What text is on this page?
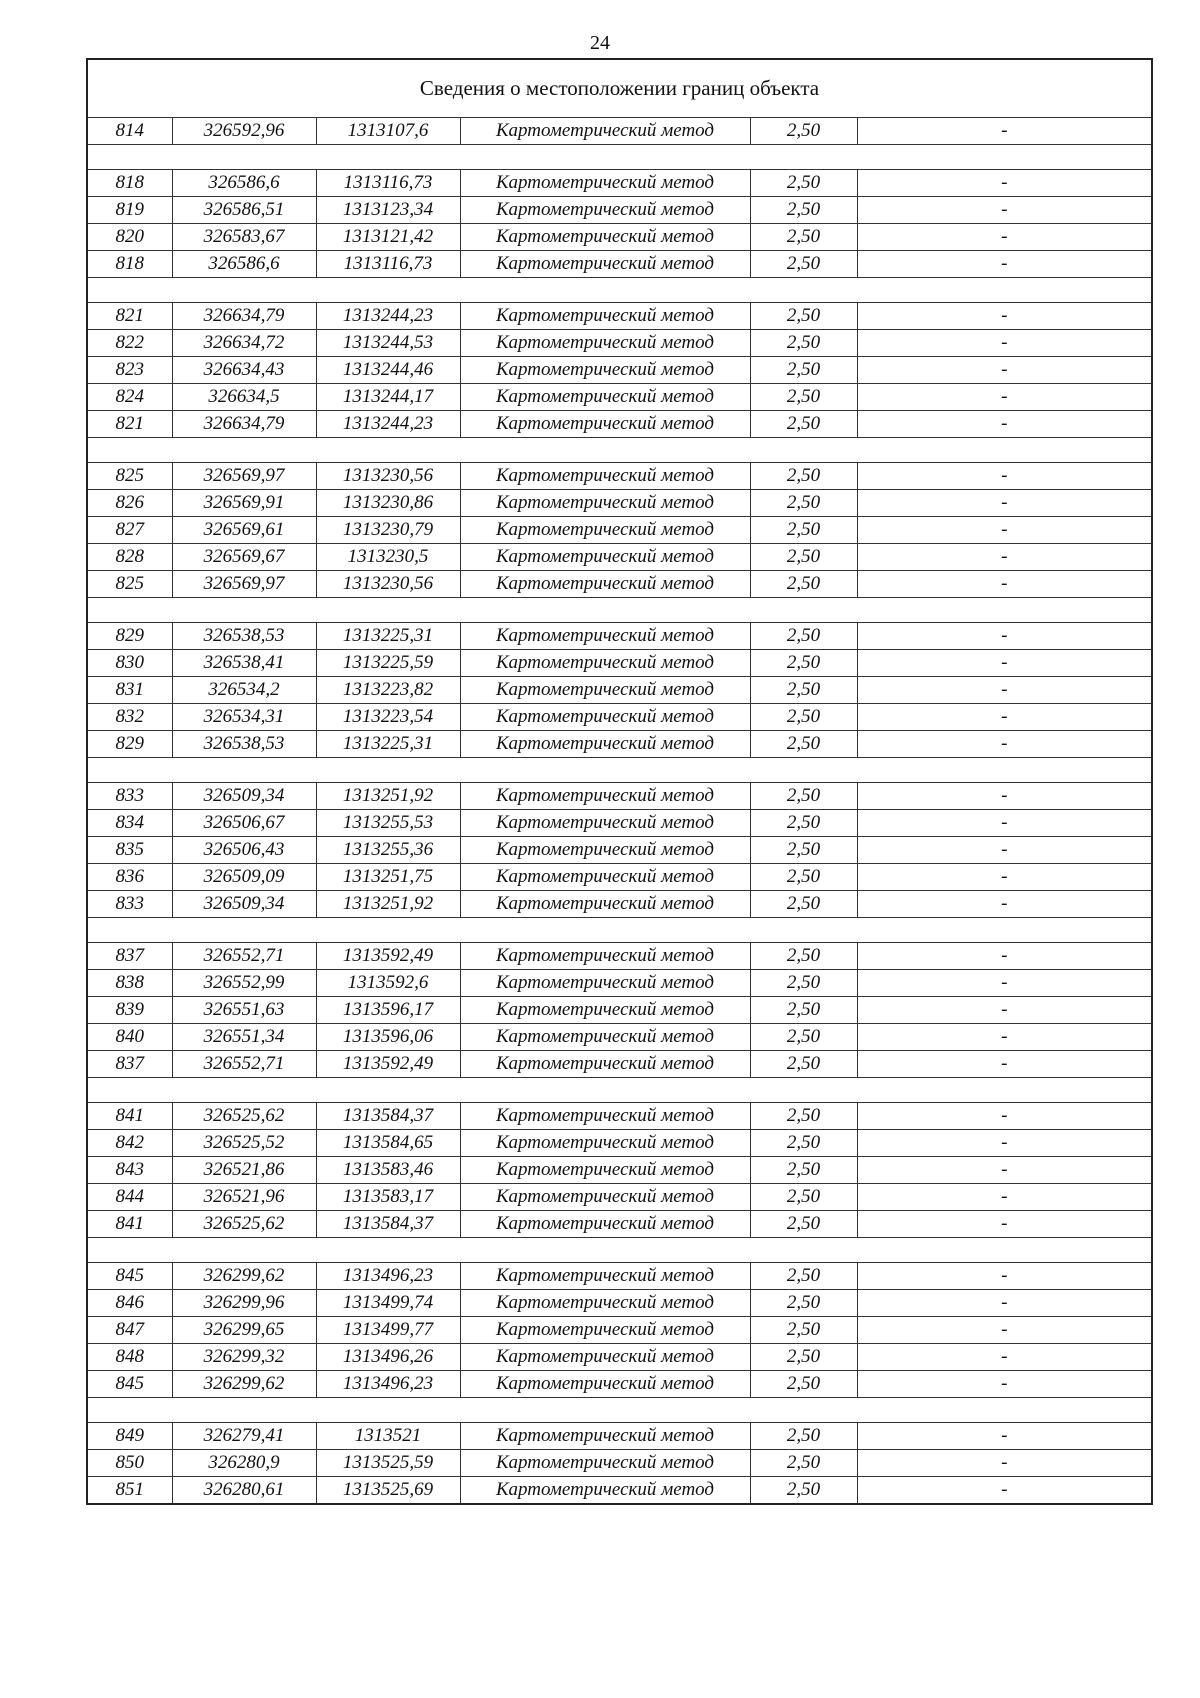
24
Сведения о местоположении границ объекта					
814	326592,96	1313107,6	Картометрический метод	2,50	-

818	326586,6	1313116,73	Картометрический метод	2,50	-
819	326586,51	1313123,34	Картометрический метод	2,50	-
820	326583,67	1313121,42	Картометрический метод	2,50	-
818	326586,6	1313116,73	Картометрический метод	2,50	-

821	326634,79	1313244,23	Картометрический метод	2,50	-
822	326634,72	1313244,53	Картометрический метод	2,50	-
823	326634,43	1313244,46	Картометрический метод	2,50	-
824	326634,5	1313244,17	Картометрический метод	2,50	-
821	326634,79	1313244,23	Картометрический метод	2,50	-

825	326569,97	1313230,56	Картометрический метод	2,50	-
826	326569,91	1313230,86	Картометрический метод	2,50	-
827	326569,61	1313230,79	Картометрический метод	2,50	-
828	326569,67	1313230,5	Картометрический метод	2,50	-
825	326569,97	1313230,56	Картометрический метод	2,50	-

829	326538,53	1313225,31	Картометрический метод	2,50	-
830	326538,41	1313225,59	Картометрический метод	2,50	-
831	326534,2	1313223,82	Картометрический метод	2,50	-
832	326534,31	1313223,54	Картометрический метод	2,50	-
829	326538,53	1313225,31	Картометрический метод	2,50	-

833	326509,34	1313251,92	Картометрический метод	2,50	-
834	326506,67	1313255,53	Картометрический метод	2,50	-
835	326506,43	1313255,36	Картометрический метод	2,50	-
836	326509,09	1313251,75	Картометрический метод	2,50	-
833	326509,34	1313251,92	Картометрический метод	2,50	-

837	326552,71	1313592,49	Картометрический метод	2,50	-
838	326552,99	1313592,6	Картометрический метод	2,50	-
839	326551,63	1313596,17	Картометрический метод	2,50	-
840	326551,34	1313596,06	Картометрический метод	2,50	-
837	326552,71	1313592,49	Картометрический метод	2,50	-

841	326525,62	1313584,37	Картометрический метод	2,50	-
842	326525,52	1313584,65	Картометрический метод	2,50	-
843	326521,86	1313583,46	Картометрический метод	2,50	-
844	326521,96	1313583,17	Картометрический метод	2,50	-
841	326525,62	1313584,37	Картометрический метод	2,50	-

845	326299,62	1313496,23	Картометрический метод	2,50	-
846	326299,96	1313499,74	Картометрический метод	2,50	-
847	326299,65	1313499,77	Картометрический метод	2,50	-
848	326299,32	1313496,26	Картометрический метод	2,50	-
845	326299,62	1313496,23	Картометрический метод	2,50	-

849	326279,41	1313521	Картометрический метод	2,50	-
850	326280,9	1313525,59	Картометрический метод	2,50	-
851	326280,61	1313525,69	Картометрический метод	2,50	-
